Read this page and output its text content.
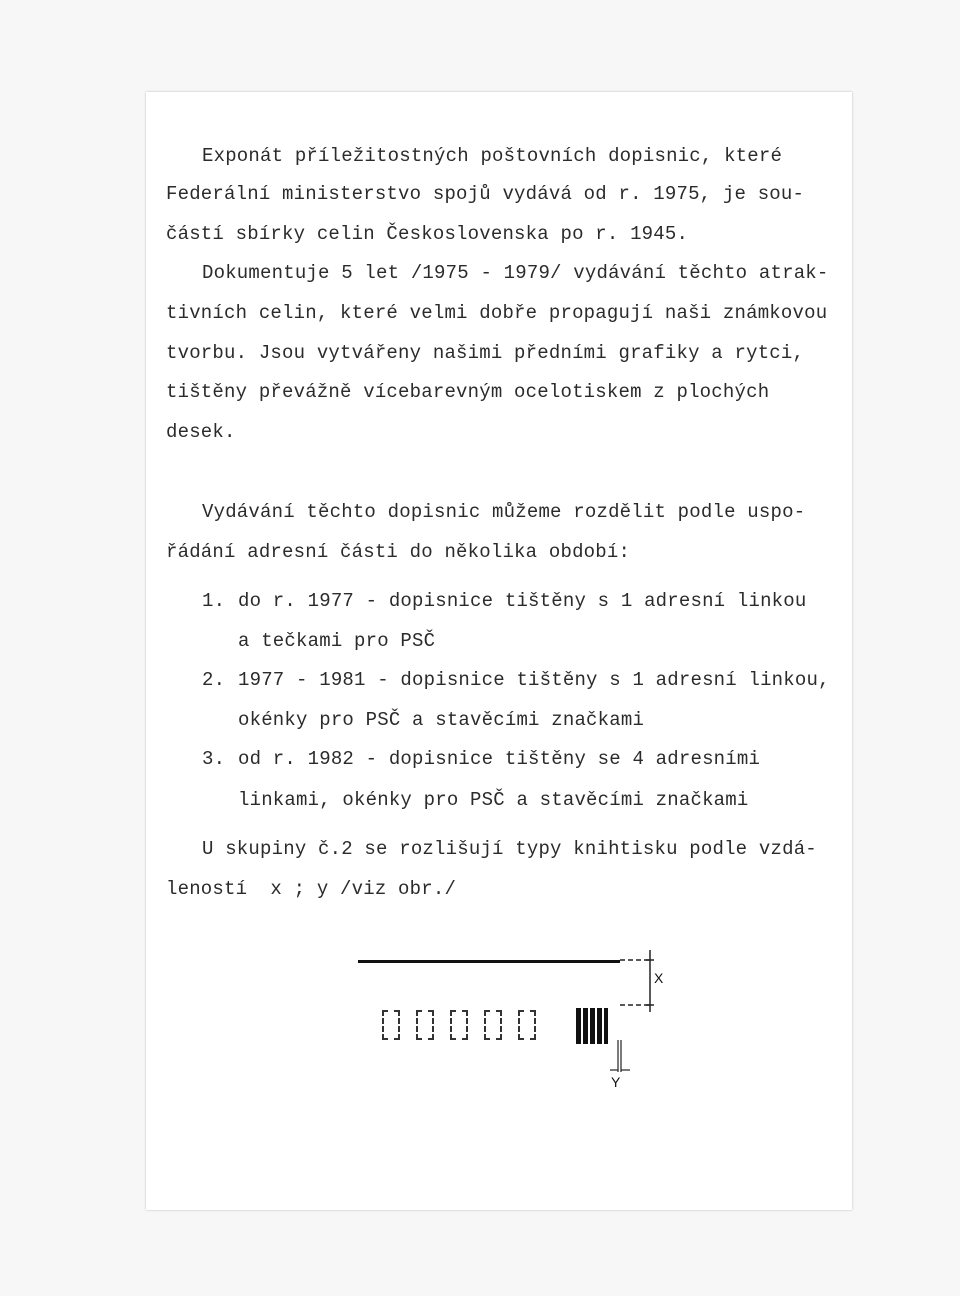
Exponát příležitostných poštovních dopisnic, které
Federální ministerstvo spojů vydává od r. 1975, je sou-
částí sbírky celin Československa po r. 1945.
Dokumentuje 5 let /1975 - 1979/ vydávání těchto atrak-
tivních celin, které velmi dobře propagují naši známkovou
tvorbu. Jsou vytvářeny našimi předními grafiky a rytci,
tištěny převážně vícebarevným ocelotiskem z plochých
desek.
Vydávání těchto dopisnic můžeme rozdělit podle uspo-
řádání adresní části do několika období:
1. do r. 1977 - dopisnice tištěny s 1 adresní linkou
a tečkami pro PSČ
2. 1977 - 1981 - dopisnice tištěny s 1 adresní linkou,
okénky pro PSČ a stavěcími značkami
3. od r. 1982 - dopisnice tištěny se 4 adresními
linkami, okénky pro PSČ a stavěcími značkami
U skupiny č.2 se rozlišují typy knihtisku podle vzdá-
leností  x ; y /viz obr./
X
Y
